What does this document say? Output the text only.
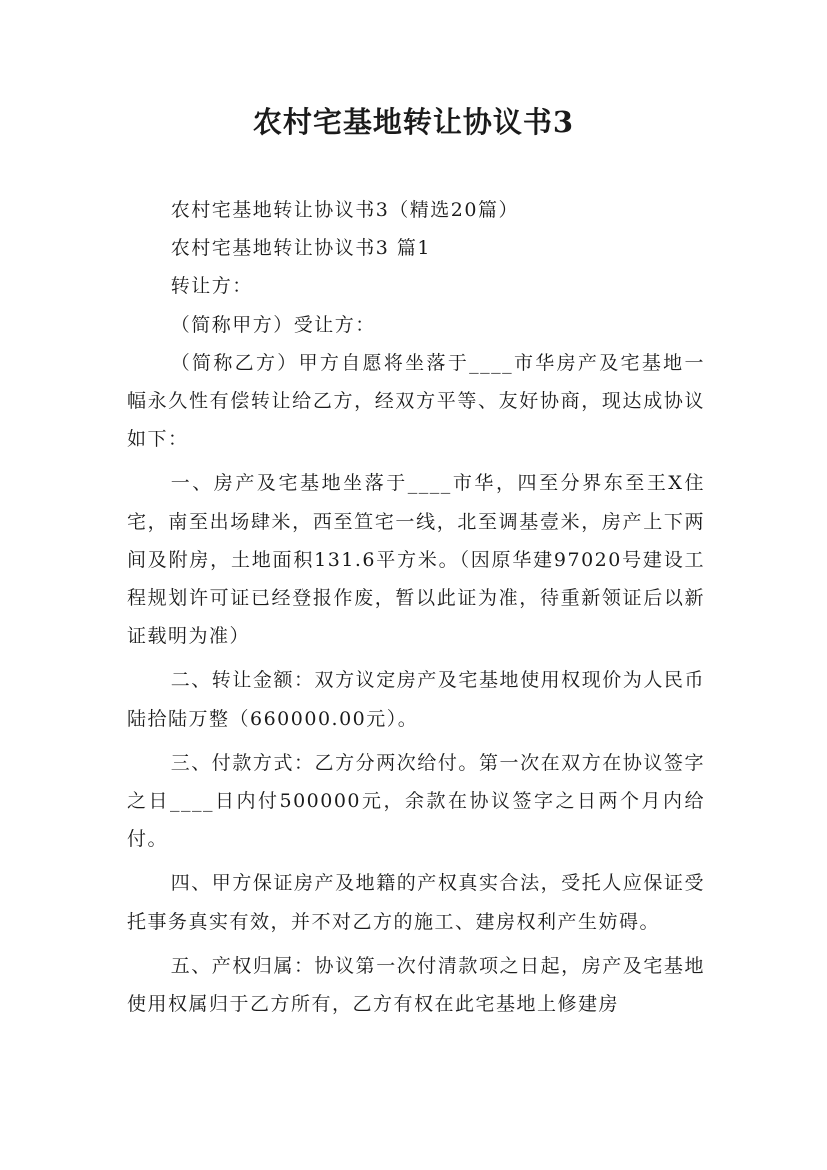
农村宅基地转让协议书3

农村宅基地转让协议书3（精选20篇）

农村宅基地转让协议书3 篇1

转让方：

（简称甲方）受让方：

（简称乙方）甲方自愿将坐落于____市华房产及宅基地一幅永久性有偿转让给乙方，经双方平等、友好协商，现达成协议如下：

一、房产及宅基地坐落于____市华，四至分界东至王X住宅，南至出场肆米，西至笪宅一线，北至调基壹米，房产上下两间及附房，土地面积131.6平方米。（因原华建97020号建设工程规划许可证已经登报作废，暂以此证为准，待重新领证后以新证载明为准）

二、转让金额：双方议定房产及宅基地使用权现价为人民币陆拾陆万整（660000.00元）。

三、付款方式：乙方分两次给付。第一次在双方在协议签字之日____日内付500000元，余款在协议签字之日两个月内给付。

四、甲方保证房产及地籍的产权真实合法，受托人应保证受托事务真实有效，并不对乙方的施工、建房权利产生妨碍。

五、产权归属：协议第一次付清款项之日起，房产及宅基地使用权属归于乙方所有，乙方有权在此宅基地上修建房
